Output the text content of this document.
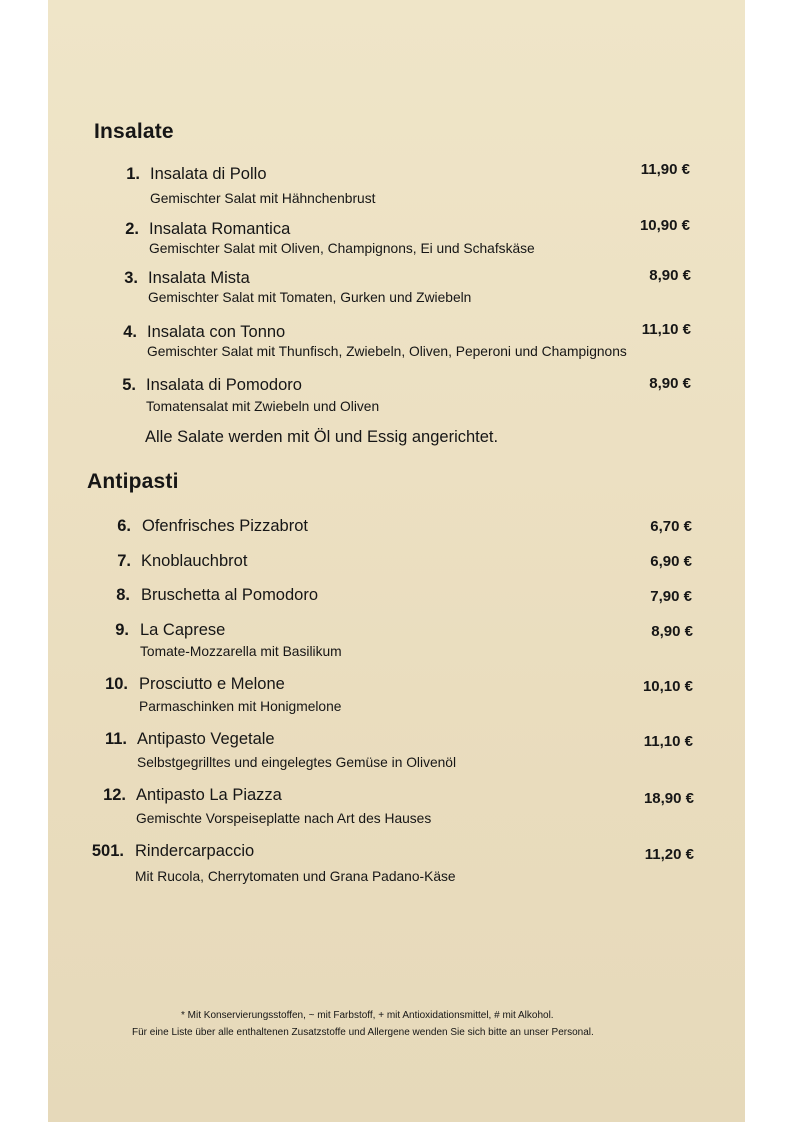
Insalate
1. Insalata di Pollo
Gemischter Salat mit Hähnchenbrust
11,90 €
2. Insalata Romantica
Gemischter Salat mit Oliven, Champignons, Ei und Schafskäse
10,90 €
3. Insalata Mista
Gemischter Salat mit Tomaten, Gurken und Zwiebeln
8,90 €
4. Insalata con Tonno
Gemischter Salat mit Thunfisch, Zwiebeln, Oliven, Peperoni und Champignons
11,10 €
5. Insalata di Pomodoro
Tomatensalat mit Zwiebeln und Oliven
8,90 €
Alle Salate werden mit Öl und Essig angerichtet.
Antipasti
6. Ofenfrisches Pizzabrot	6,70 €
7. Knoblauchbrot	6,90 €
8. Bruschetta al Pomodoro	7,90 €
9. La Caprese
Tomate-Mozzarella mit Basilikum
8,90 €
10. Prosciutto e Melone
Parmaschinken mit Honigmelone
10,10 €
11. Antipasto Vegetale
Selbstgegrilltes und eingelegtes Gemüse in Olivenöl
11,10 €
12. Antipasto La Piazza
Gemischte Vorspeiseplatte nach Art des Hauses
18,90 €
501. Rindercarpaccio
Mit Rucola, Cherrytomaten und Grana Padano-Käse
11,20 €
* Mit Konservierungsstoffen, ~ mit Farbstoff, + mit Antioxidationsmittel, # mit Alkohol.
Für eine Liste über alle enthaltenen Zusatzstoffe und Allergene wenden Sie sich bitte an unser Personal.
